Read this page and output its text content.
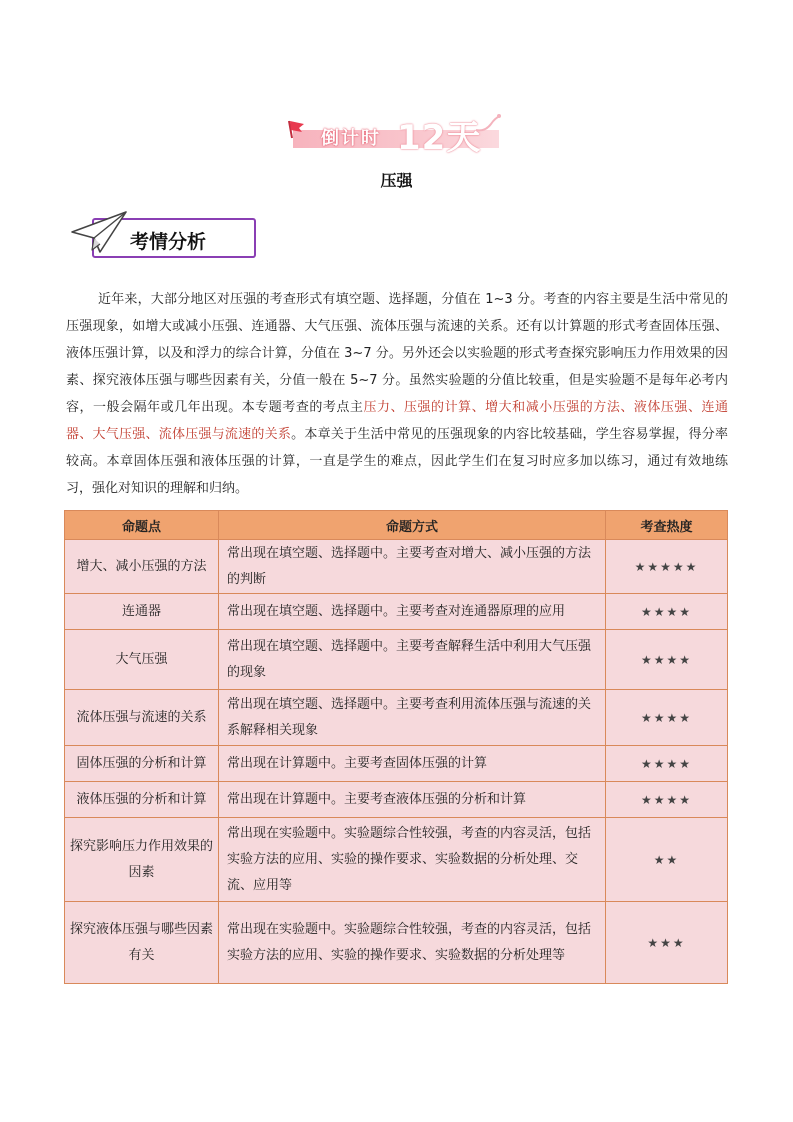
倒计时 12天
压强
考情分析

近年来，大部分地区对压强的考查形式有填空题、选择题，分值在 1~3 分。考查的内容主要是生活中常见的压强现象，如增大或减小压强、连通器、大气压强、流体压强与流速的关系。还有以计算题的形式考查固体压强、液体压强计算，以及和浮力的综合计算，分值在 3~7 分。另外还会以实验题的形式考查探究影响压力作用效果的因素、探究液体压强与哪些因素有关，分值一般在 5~7 分。虽然实验题的分值比较重，但是实验题不是每年必考内容，一般会隔年或几年出现。本专题考查的考点主压力、压强的计算、增大和减小压强的方法、液体压强、连通器、大气压强、流体压强与流速的关系。本章关于生活中常见的压强现象的内容比较基础，学生容易掌握，得分率较高。本章固体压强和液体压强的计算，一直是学生的难点，因此学生们在复习时应多加以练习，通过有效地练习，强化对知识的理解和归纳。

命题点	命题方式	考查热度
增大、减小压强的方法	常出现在填空题、选择题中。主要考查对增大、减小压强的方法的判断	★★★★★
连通器	常出现在填空题、选择题中。主要考查对连通器原理的应用	★★★★
大气压强	常出现在填空题、选择题中。主要考查解释生活中利用大气压强的现象	★★★★
流体压强与流速的关系	常出现在填空题、选择题中。主要考查利用流体压强与流速的关系解释相关现象	★★★★
固体压强的分析和计算	常出现在计算题中。主要考查固体压强的计算	★★★★
液体压强的分析和计算	常出现在计算题中。主要考查液体压强的分析和计算	★★★★
探究影响压力作用效果的因素	常出现在实验题中。实验题综合性较强，考查的内容灵活，包括实验方法的应用、实验的操作要求、实验数据的分析处理、交流、应用等	★★
探究液体压强与哪些因素有关	常出现在实验题中。实验题综合性较强，考查的内容灵活，包括实验方法的应用、实验的操作要求、实验数据的分析处理等	★★★
